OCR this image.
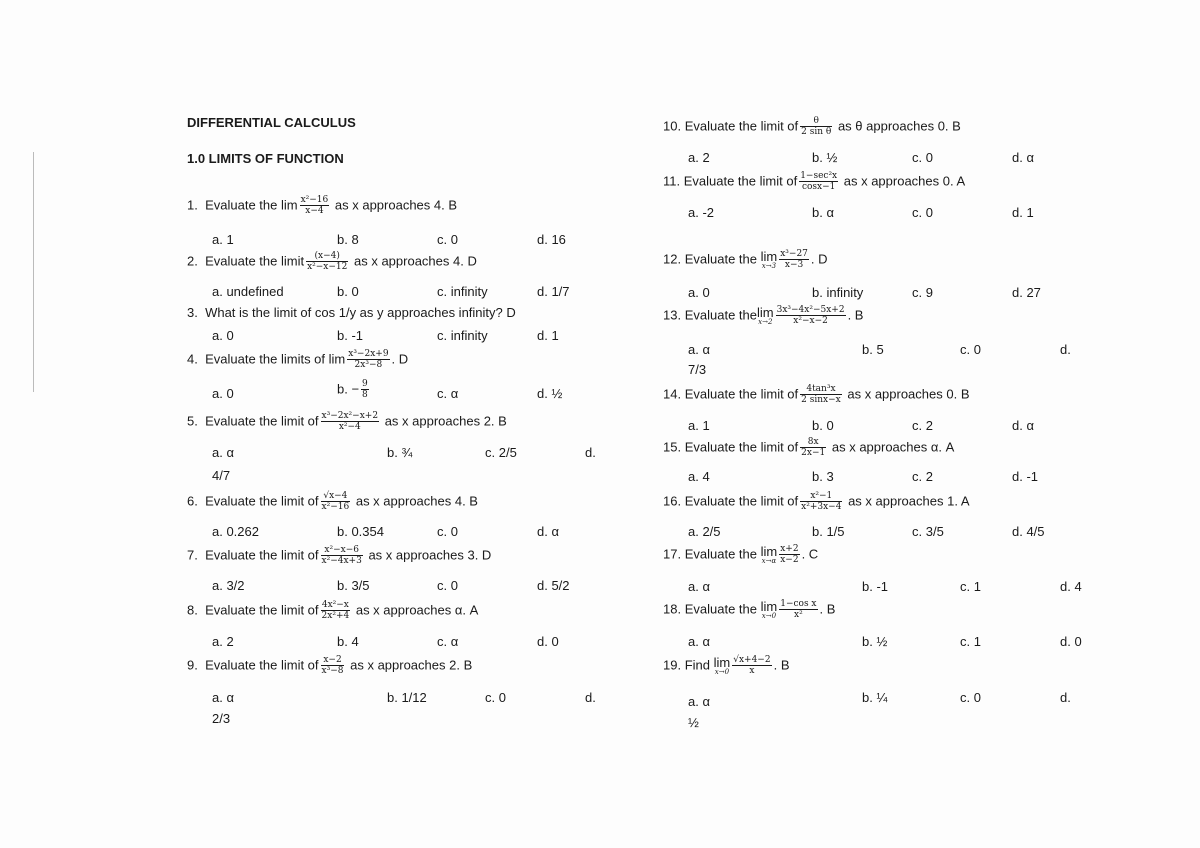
DIFFERENTIAL CALCULUS
1.0 LIMITS OF FUNCTION
1. Evaluate the $\lim \frac{\text{x²−16}}{x-4}$ as x approaches 4. B
a. 1	b. 8	c. 0	d. 16
2. Evaluate the limit $\frac{(x-4)}{\text{x²−x−12}}$ as x approaches 4. D
a. undefined	b. 0	c. infinity	d. 1/7
3. What is the limit of cos 1/y as y approaches infinity? D
a. 0	b. -1	c. infinity	d. 1
4. Evaluate the limits of $\lim \frac{\text{x³−2x+9}}{\text{2x³−8}}$ . D
a. 0	b. − $\frac{9}{8}$	c. α	d. ½
5. Evaluate the limit of $\frac{\text{x³−2x²−x+2}}{\text{x²−4}}$ as x approaches 2. B
a. α	b. ¾	c. 2/5	d.
4/7
6. Evaluate the limit of $\frac{√x-4}{\text{x²−16}}$ as x approaches 4. B
a. 0.262	b. 0.354	c. 0	d. α
7. Evaluate the limit of $\frac{\text{x²−x−6}}{\text{x²−4x+3}}$ as x approaches 3. D
a. 3/2	b. 3/5	c. 0	d. 5/2
8. Evaluate the limit of $\frac{\text{4x²−x}}{\text{2x²+4}}$ as x approaches α. A
a. 2	b. 4	c. α	d. 0
9. Evaluate the limit of $\frac{x-2}{\text{x³−8}}$ as x approaches 2. B
a. α	b. 1/12	c. 0	d.
2/3
10. Evaluate the limit of $\frac{\theta}{\text{2 sin θ}}$ as θ approaches 0. B
a. 2	b. ½	c. 0	d. α
11. Evaluate the limit of $\frac{\text{1−sec²x}}{\cos x-1}$ as x approaches 0. A
a. -2	b. α	c. 0	d. 1
12. Evaluate the lim
$x\to 3 \frac{\text{x³−27}}{x-3}$ . D
a. 0	b. infinity	c. 9	d. 27
13. Evaluate the lim
$x\to 2 \frac{\text{3x³−4x²−5x+2}}{\text{x²−x−2}}$ . B
a. α	b. 5	c. 0	d.
7/3
14. Evaluate the limit of $\frac{\text{4tan³x}}{2 \sin x-x}$ as x approaches 0. B
a. 1	b. 0	c. 2	d. α
15. Evaluate the limit of $\frac{8x}{2x-1}$ as x approaches α. A
a. 4	b. 3	c. 2	d. -1
16. Evaluate the limit of $\frac{\text{x²−1}}{\text{x²+3x−4}}$ as x approaches 1. A
a. 2/5	b. 1/5	c. 3/5	d. 4/5
17. Evaluate the lim
$x\to\alpha \frac{x+2}{x-2}$ . C
a. α	b. -1	c. 1	d. 4
18. Evaluate the lim
$x\to 0 \frac{\text{1−cos x}}{\text{x²}}$ . B
a. α	b. ½	c. 1	d. 0
19. Find lim
$x\to 0 \frac{√x+4-2}{x}$ . B
a. α	b. ¼	c. 0	d.
½
